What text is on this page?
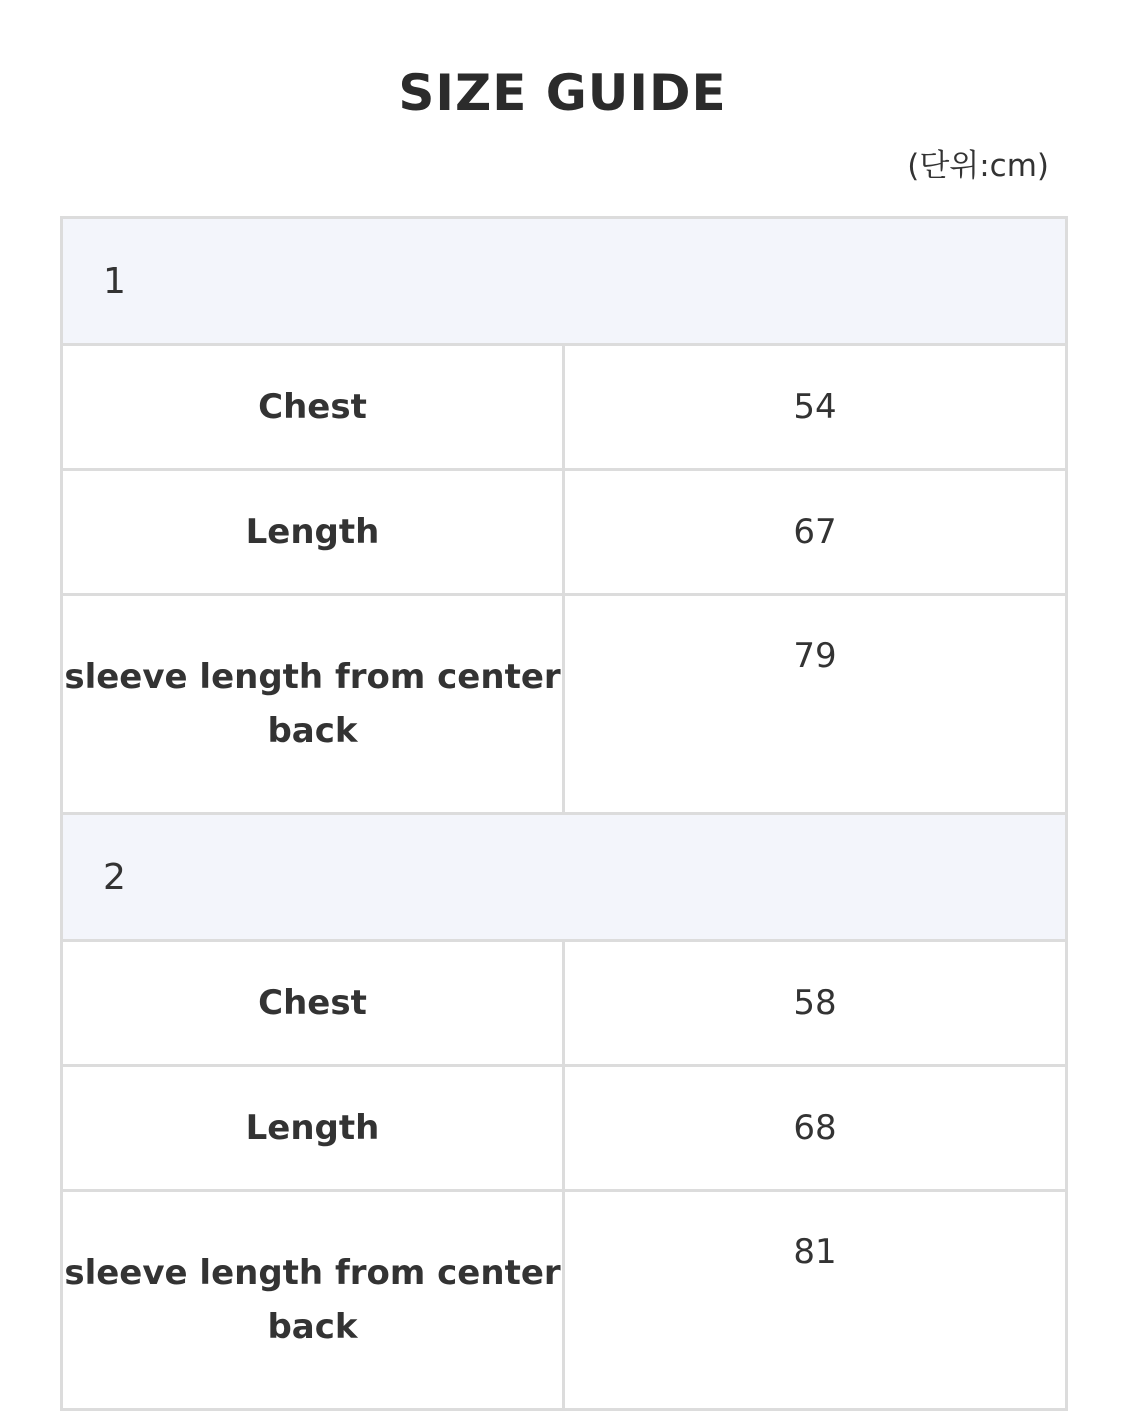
SIZE GUIDE
(단위:cm)
1	
Chest	54
Length	67
sleeve length from center back	79
2	
Chest	58
Length	68
sleeve length from center back	81
